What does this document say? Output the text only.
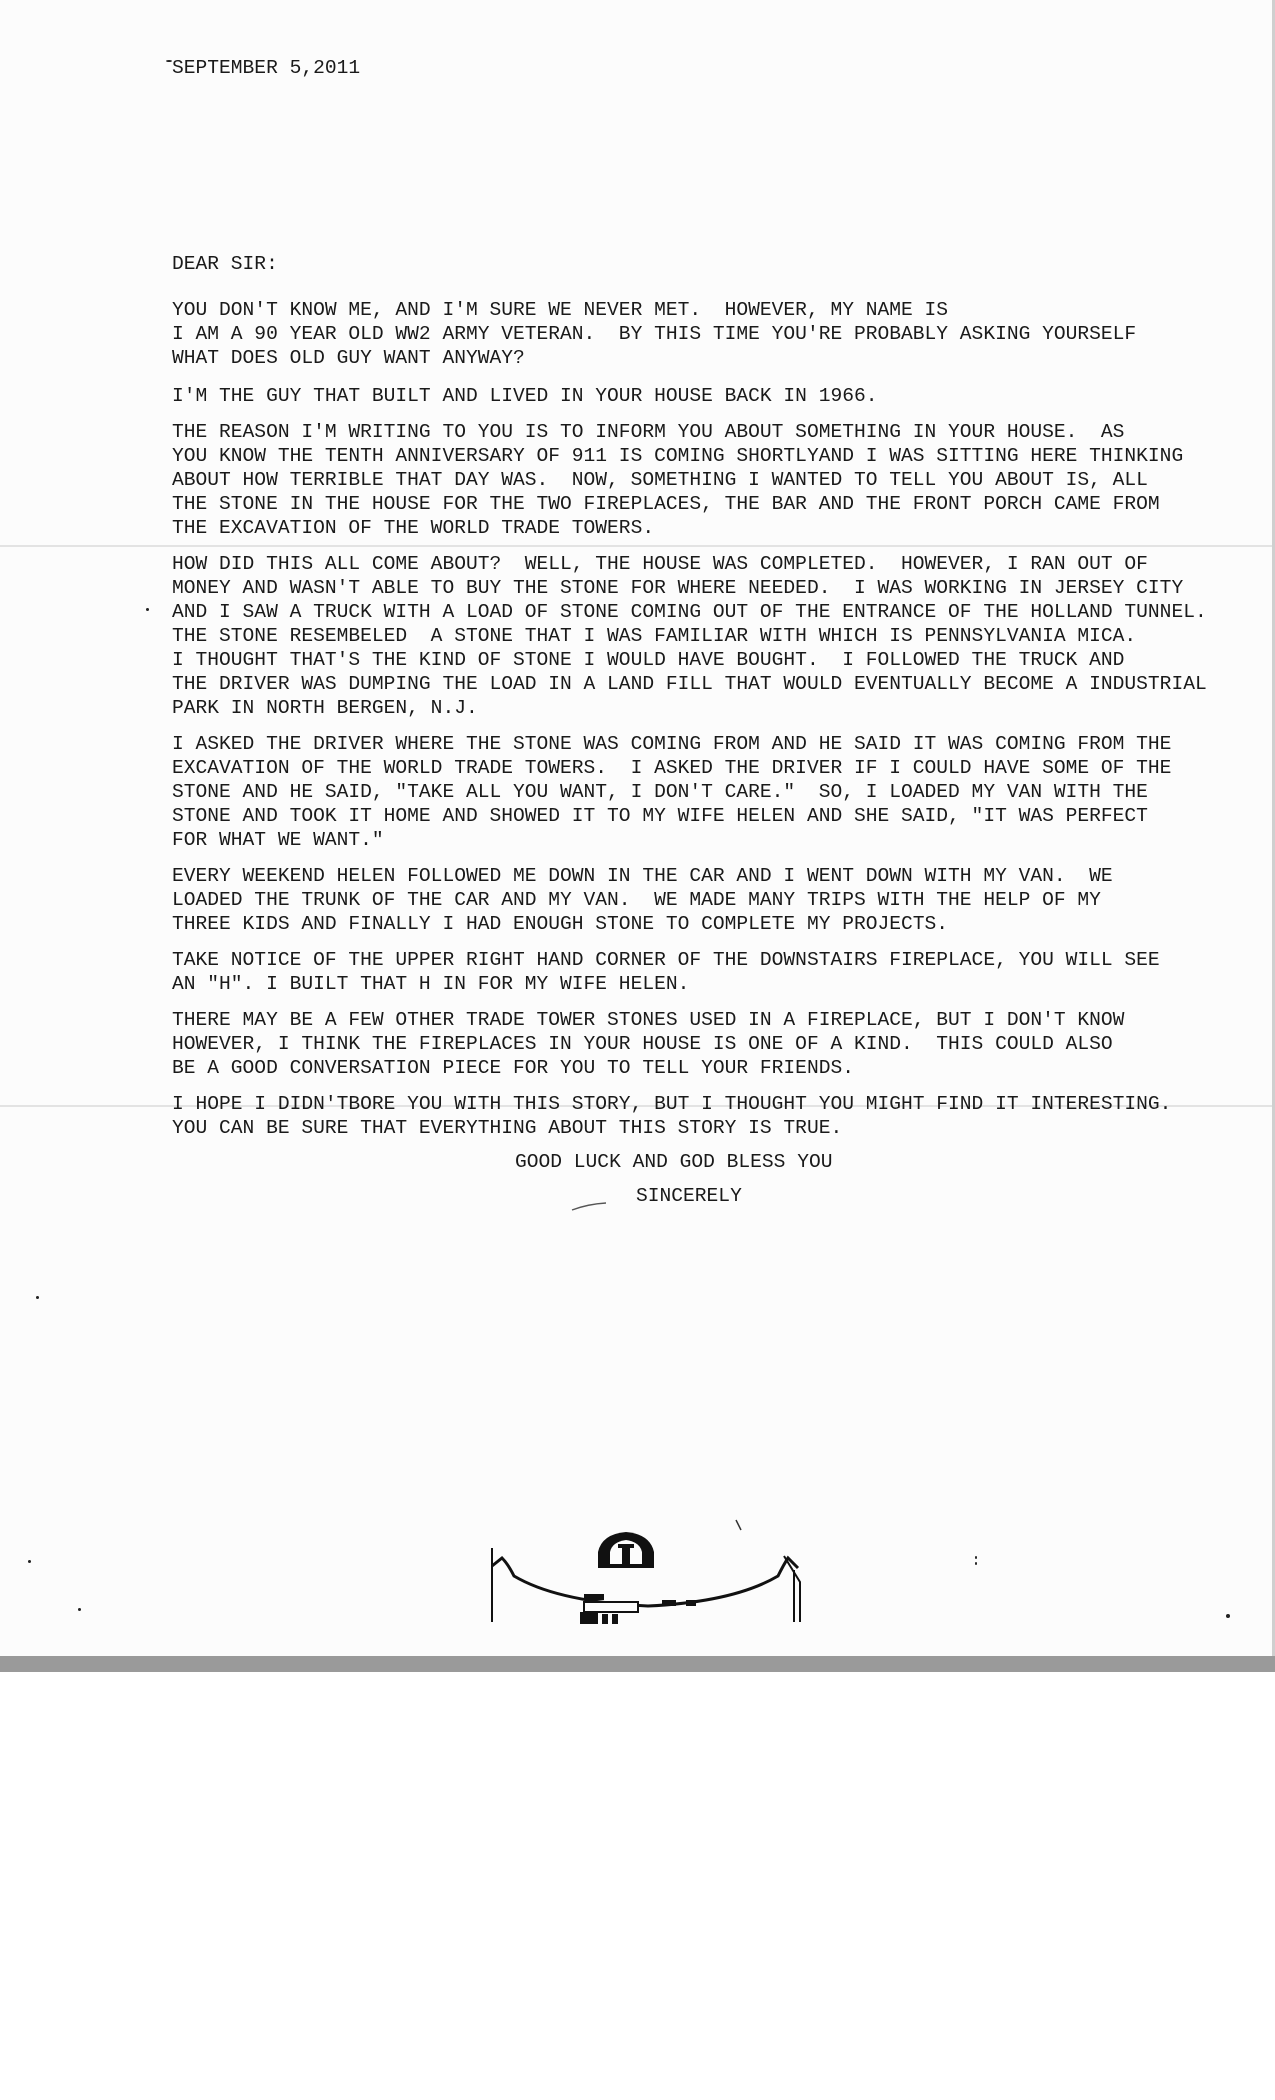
SEPTEMBER 5,2011
DEAR SIR:
YOU DON'T KNOW ME, AND I'M SURE WE NEVER MET.  HOWEVER, MY NAME IS
I AM A 90 YEAR OLD WW2 ARMY VETERAN.  BY THIS TIME YOU'RE PROBABLY ASKING YOURSELF
WHAT DOES OLD GUY WANT ANYWAY?
I'M THE GUY THAT BUILT AND LIVED IN YOUR HOUSE BACK IN 1966.
THE REASON I'M WRITING TO YOU IS TO INFORM YOU ABOUT SOMETHING IN YOUR HOUSE.  AS
YOU KNOW THE TENTH ANNIVERSARY OF 911 IS COMING SHORTLYAND I WAS SITTING HERE THINKING
ABOUT HOW TERRIBLE THAT DAY WAS.  NOW, SOMETHING I WANTED TO TELL YOU ABOUT IS, ALL
THE STONE IN THE HOUSE FOR THE TWO FIREPLACES, THE BAR AND THE FRONT PORCH CAME FROM
THE EXCAVATION OF THE WORLD TRADE TOWERS.
HOW DID THIS ALL COME ABOUT?  WELL, THE HOUSE WAS COMPLETED.  HOWEVER, I RAN OUT OF
MONEY AND WASN'T ABLE TO BUY THE STONE FOR WHERE NEEDED.  I WAS WORKING IN JERSEY CITY
AND I SAW A TRUCK WITH A LOAD OF STONE COMING OUT OF THE ENTRANCE OF THE HOLLAND TUNNEL.
THE STONE RESEMBELED  A STONE THAT I WAS FAMILIAR WITH WHICH IS PENNSYLVANIA MICA.
I THOUGHT THAT'S THE KIND OF STONE I WOULD HAVE BOUGHT.  I FOLLOWED THE TRUCK AND
THE DRIVER WAS DUMPING THE LOAD IN A LAND FILL THAT WOULD EVENTUALLY BECOME A INDUSTRIAL
PARK IN NORTH BERGEN, N.J.
I ASKED THE DRIVER WHERE THE STONE WAS COMING FROM AND HE SAID IT WAS COMING FROM THE
EXCAVATION OF THE WORLD TRADE TOWERS.  I ASKED THE DRIVER IF I COULD HAVE SOME OF THE
STONE AND HE SAID, "TAKE ALL YOU WANT, I DON'T CARE."  SO, I LOADED MY VAN WITH THE
STONE AND TOOK IT HOME AND SHOWED IT TO MY WIFE HELEN AND SHE SAID, "IT WAS PERFECT
FOR WHAT WE WANT."
EVERY WEEKEND HELEN FOLLOWED ME DOWN IN THE CAR AND I WENT DOWN WITH MY VAN.  WE
LOADED THE TRUNK OF THE CAR AND MY VAN.  WE MADE MANY TRIPS WITH THE HELP OF MY
THREE KIDS AND FINALLY I HAD ENOUGH STONE TO COMPLETE MY PROJECTS.
TAKE NOTICE OF THE UPPER RIGHT HAND CORNER OF THE DOWNSTAIRS FIREPLACE, YOU WILL SEE
AN "H". I BUILT THAT H IN FOR MY WIFE HELEN.
THERE MAY BE A FEW OTHER TRADE TOWER STONES USED IN A FIREPLACE, BUT I DON'T KNOW
HOWEVER, I THINK THE FIREPLACES IN YOUR HOUSE IS ONE OF A KIND.  THIS COULD ALSO
BE A GOOD CONVERSATION PIECE FOR YOU TO TELL YOUR FRIENDS.
I HOPE I DIDN'TBORE YOU WITH THIS STORY, BUT I THOUGHT YOU MIGHT FIND IT INTERESTING.
YOU CAN BE SURE THAT EVERYTHING ABOUT THIS STORY IS TRUE.
GOOD LUCK AND GOD BLESS YOU
SINCERELY
